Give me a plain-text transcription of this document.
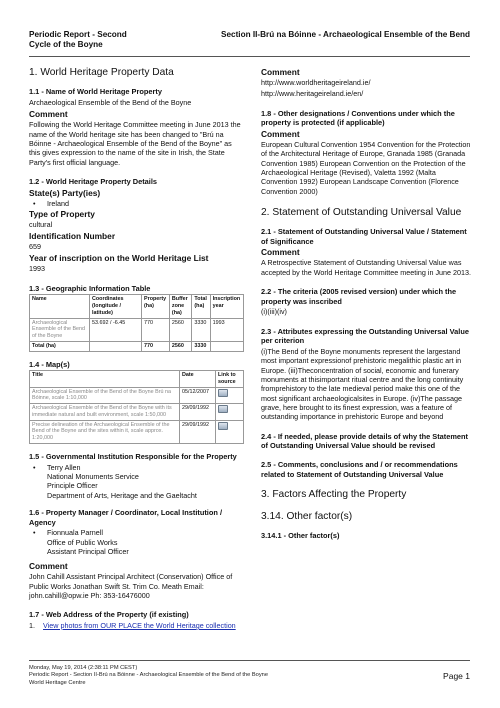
Periodic Report - Second Cycle of the Boyne
Section II-Brú na Bóinne - Archaeological Ensemble of the Bend
1. World Heritage Property Data
1.1 - Name of World Heritage Property

Archaeological Ensemble of the Bend of the Boyne

Comment

Following the World Heritage Committee meeting in June 2013 the name of the World heritage site has been changed to "Brú na Bóinne - Archaeological Ensemble of the Bend of the Boyne" as this gives expression to the name of the site in Irish, the State Party's first official language.

1.2 - World Heritage Property Details
State(s) Party(ies)
• Ireland
Type of Property

cultural

Identification Number

659

Year of inscription on the World Heritage List

1993

1.3 - Geographic Information Table
Name	Coordinates (longitude / latitude)	Property (ha)	Buffer zone (ha)	Total (ha)	Inscription year
Archaeological Ensemble of the Bend of the Boyne	53.692 / -6.45	770	2560	3330	1993
Total (ha)		770	2560	3330	
1.4 - Map(s)
Title	Date	Link to source
Archaeological Ensemble of the Bend of the Boyne Brú na Bóinne, scale 1:10,000	05/12/2007	
Archaeological Ensemble of the Bend of the Boyne with its immediate natural and built environment, scale 1:50,000	29/09/1992	
Precise delineation of the Archaeological Ensemble of the Bend of the Boyne and the sites within it, scale approx. 1:20,000	29/09/1992	
1.5 - Governmental Institution Responsible for the Property
• Terry Allen
National Monuments Service
Principle Officer
Department of Arts, Heritage and the Gaeltacht
1.6 - Property Manager / Coordinator, Local Institution / Agency
• Fionnuala Parnell
Office of Public Works
Assistant Principal Officer
Comment

John Cahill Assistant Principal Architect (Conservation) Office of Public Works Jonathan Swift St. Trim Co. Meath Email: john.cahill@opw.ie Ph: 353-16476000

1.7 - Web Address of the Property (if existing)
1. View photos from OUR PLACE the World Heritage collection
Comment

http://www.worldheritageireland.ie/

http://www.heritageireland.ie/en/

1.8 - Other designations / Conventions under which the property is protected (if applicable)
Comment

European Cultural Convention 1954 Convention for the Protection of the Architectural Heritage of Europe, Granada 1985 (Granada Convention 1985) European Convention on the Protection of the Archaeological Heritage (Revised), Valetta 1992 (Malta Convention 1992) European Landscape Convention (Florence Convention 2000)

2. Statement of Outstanding Universal Value
2.1 - Statement of Outstanding Universal Value / Statement of Significance
Comment

A Retrospective Statement of Outstanding Universal Value was accepted by the World Heritage Committee meeting in June 2013.

2.2 - The criteria (2005 revised version) under which the property was inscribed

(i)(iii)(iv)

2.3 - Attributes expressing the Outstanding Universal Value per criterion

(i)The Bend of the Boyne monuments represent the largestand most important expressionof prehistoric megalithic plastic art in Europe. (iii)Theconcentration of social, economic and funerary monuments at thisimportant ritual centre and the long continuity fromprehistory to the late medieval period make this one of the most significant archaeologicalsites in Europe. (iv)The passage grave, here brought to its finest expression, was a feature of outstanding importance in prehistoric Europe and beyond

2.4 - If needed, please provide details of why the Statement of Outstanding Universal Value should be revised
2.5 - Comments, conclusions and / or recommendations related to Statement of Outstanding Universal Value
3. Factors Affecting the Property
3.14. Other factor(s)
3.14.1 - Other factor(s)
Monday, May 19, 2014 (2:38:11 PM CEST)
Periodic Report - Section II-Brú na Bóinne - Archaeological Ensemble of the Bend of the Boyne
World Heritage Centre
Page 1
